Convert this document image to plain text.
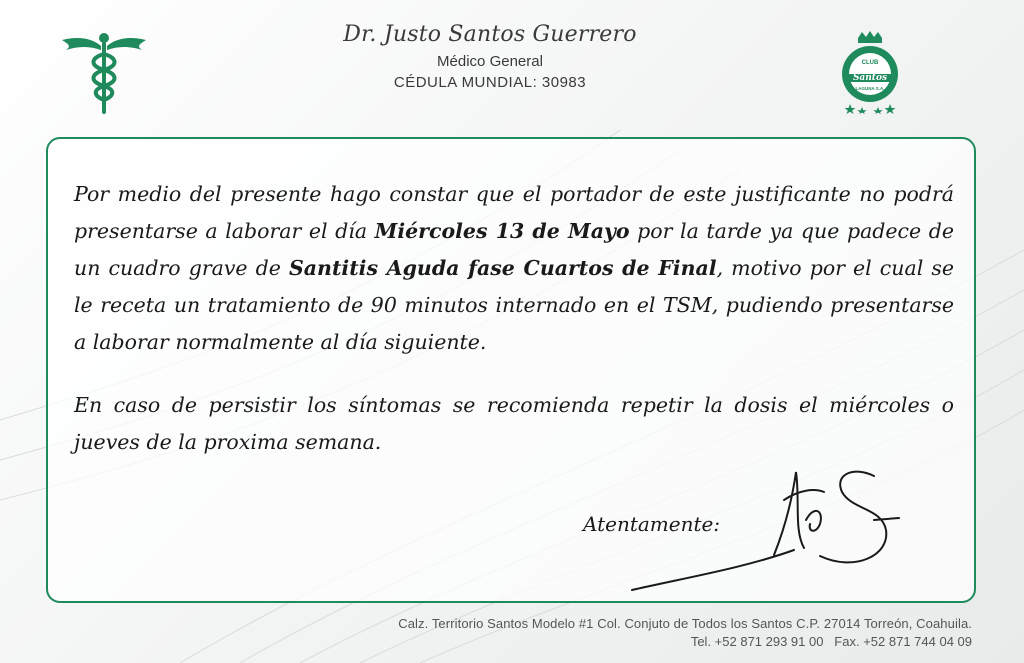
Dr. Justo Santos Guerrero
Médico General
CÉDULA MUNDIAL: 30983
CLUB
Santos
LAGUNA S.A.

Por medio del presente hago constar que el portador de este justificante no podrá presentarse a laborar el día Miércoles 13 de Mayo por la tarde ya que padece de un cuadro grave de Santitis Aguda fase Cuartos de Final, motivo por el cual se le receta un tratamiento de 90 minutos internado en el TSM, pudiendo presentarse a laborar normalmente al día siguiente.

En caso de persistir los síntomas se recomienda repetir la dosis el miércoles o jueves de la proxima semana.

Atentamente:
Calz. Territorio Santos Modelo #1 Col. Conjuto de Todos los Santos C.P. 27014 Torreón, Coahuila.
Tel. +52 871 293 91 00   Fax. +52 871 744 04 09
